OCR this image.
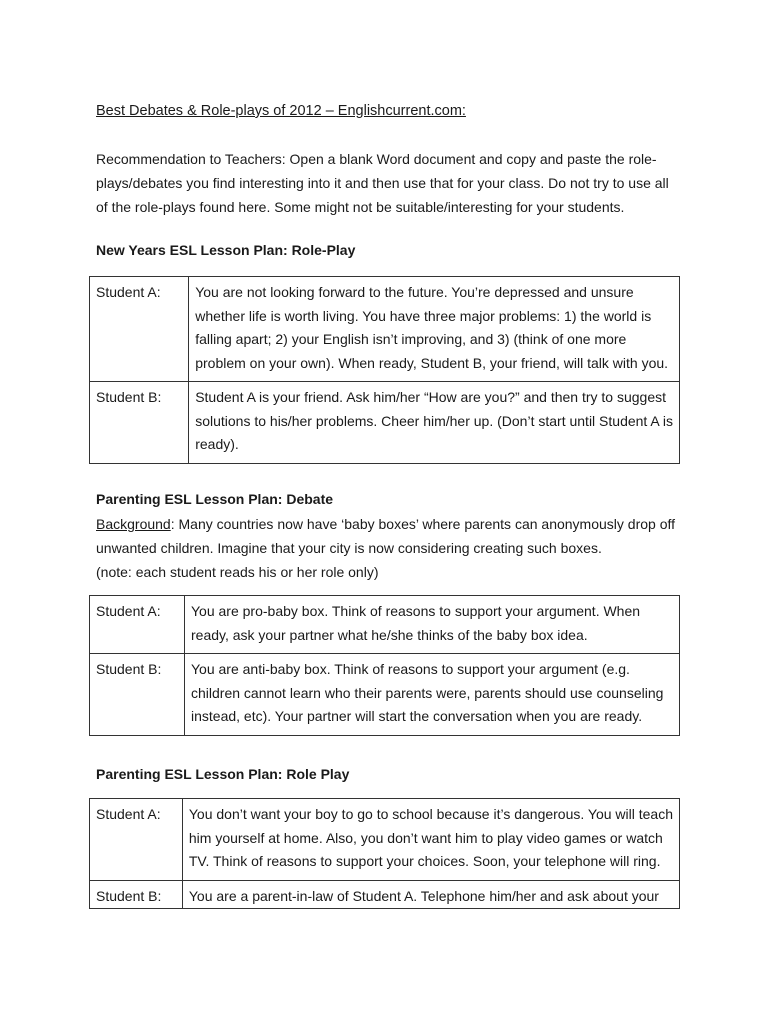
Best Debates & Role-plays of 2012 – Englishcurrent.com:
Recommendation to Teachers: Open a blank Word document and copy and paste the role-
plays/debates you find interesting into it and then use that for your class. Do not try to use all
of the role-plays found here. Some might not be suitable/interesting for your students.
New Years ESL Lesson Plan: Role-Play
Student A:	You are not looking forward to the future. You’re depressed and unsure
whether life is worth living. You have three major problems: 1) the world is
falling apart; 2) your English isn’t improving, and 3) (think of one more
problem on your own). When ready, Student B, your friend, will talk with you.

Student B:	Student A is your friend. Ask him/her “How are you?” and then try to suggest
solutions to his/her problems. Cheer him/her up. (Don’t start until Student A is
ready).
Parenting ESL Lesson Plan: Debate
Background: Many countries now have ‘baby boxes’ where parents can anonymously drop off
unwanted children. Imagine that your city is now considering creating such boxes.
(note: each student reads his or her role only)
Student A:	You are pro-baby box. Think of reasons to support your argument. When
ready, ask your partner what he/she thinks of the baby box idea.

Student B:	You are anti-baby box. Think of reasons to support your argument (e.g.
children cannot learn who their parents were, parents should use counseling
instead, etc). Your partner will start the conversation when you are ready.
Parenting ESL Lesson Plan: Role Play
Student A:	You don’t want your boy to go to school because it’s dangerous. You will teach
him yourself at home. Also, you don’t want him to play video games or watch
TV. Think of reasons to support your choices. Soon, your telephone will ring.

Student B:	You are a parent-in-law of Student A. Telephone him/her and ask about your
